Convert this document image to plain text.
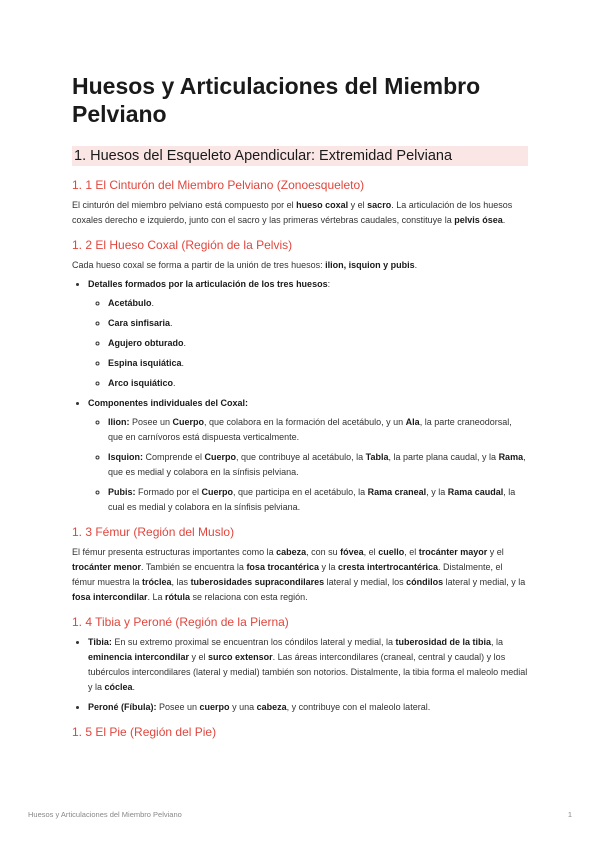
Huesos y Articulaciones del Miembro Pelviano
1. Huesos del Esqueleto Apendicular: Extremidad Pelviana
1. 1 El Cinturón del Miembro Pelviano (Zonoesqueleto)

El cinturón del miembro pelviano está compuesto por el hueso coxal y el sacro. La articulación de los huesos coxales derecho e izquierdo, junto con el sacro y las primeras vértebras caudales, constituye la pelvis ósea.

1. 2 El Hueso Coxal (Región de la Pelvis)

Cada hueso coxal se forma a partir de la unión de tres huesos: ilion, isquion y pubis.

• Detalles formados por la articulación de los tres huesos:
◦ Acetábulo.
◦ Cara sinfisaria.
◦ Agujero obturado.
◦ Espina isquiática.
◦ Arco isquiático.
• Componentes individuales del Coxal:
◦ Ilion: Posee un Cuerpo, que colabora en la formación del acetábulo, y un Ala, la parte craneodorsal, que en carnívoros está dispuesta verticalmente.
◦ Isquion: Comprende el Cuerpo, que contribuye al acetábulo, la Tabla, la parte plana caudal, y la Rama, que es medial y colabora en la sínfisis pelviana.
◦ Pubis: Formado por el Cuerpo, que participa en el acetábulo, la Rama craneal, y la Rama caudal, la cual es medial y colabora en la sínfisis pelviana.
1. 3 Fémur (Región del Muslo)

El fémur presenta estructuras importantes como la cabeza, con su fóvea, el cuello, el trocánter mayor y el trocánter menor. También se encuentra la fosa trocantérica y la cresta intertrocantérica. Distalmente, el fémur muestra la tróclea, las tuberosidades supracondilares lateral y medial, los cóndilos lateral y medial, y la fosa intercondilar. La rótula se relaciona con esta región.

1. 4 Tibia y Peroné (Región de la Pierna)
• Tibia: En su extremo proximal se encuentran los cóndilos lateral y medial, la tuberosidad de la tibia, la eminencia intercondilar y el surco extensor. Las áreas intercondilares (craneal, central y caudal) y los tubérculos intercondilares (lateral y medial) también son notorios. Distalmente, la tibia forma el maleolo medial y la cóclea.
• Peroné (Fíbula): Posee un cuerpo y una cabeza, y contribuye con el maleolo lateral.
1. 5 El Pie (Región del Pie)
Huesos y Articulaciones del Miembro Pelviano	1
